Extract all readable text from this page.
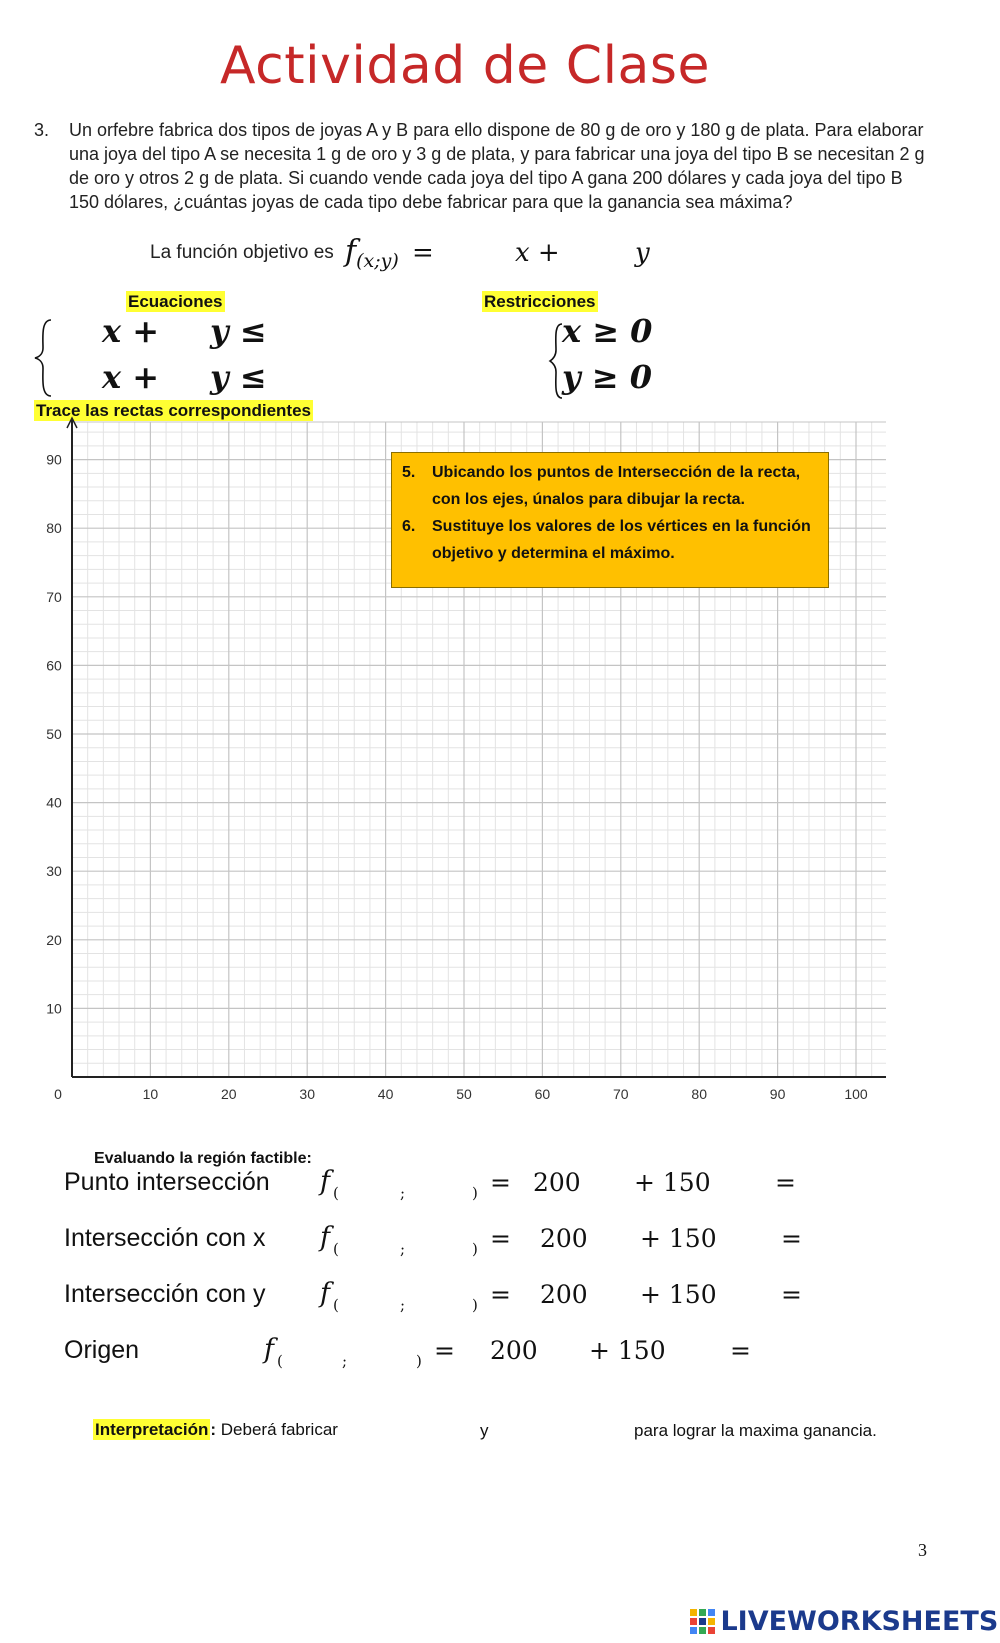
Actividad de Clase
3. Un orfebre fabrica dos tipos de joyas A y B para ello dispone de 80 g de oro y 180 g de plata. Para elaborar una joya del tipo A se necesita 1 g de oro y 3 g de plata, y para fabricar una joya del tipo B se necesitan 2 g de oro y otros 2 g de plata. Si cuando vende cada joya del tipo A gana 200 dólares y cada joya del tipo B 150 dólares, ¿cuántas joyas de cada tipo debe fabricar para que la ganancia sea máxima?
La función objetivo es $f_{(x;y)}$ =	x +	y
Ecuaciones	Restricciones
x + y ≤
x + y ≤
x ≥ 0
y ≥ 0
Trace las rectas correspondientes
0	10	20	30	40	50	60	70	80	90	100
10
20
30
40
50
60
70
80
90
5. Ubicando los puntos de Intersección de la recta, con los ejes, únalos para dibujar la recta.
6. Sustituye los valores de los vértices en la función objetivo y determina el máximo.
Evaluando la región factible:
Punto intersección f (	;	) = 200 + 150	=
Intersección con x f (	;	) = 200 + 150	=
Intersección con y f (	;	) = 200 + 150	=
Origen	f (	;	) = 200 + 150	=
Interpretación : Deberá fabricar	y	para lograr la maxima ganancia.
3
LIVEWORKSHEETS
